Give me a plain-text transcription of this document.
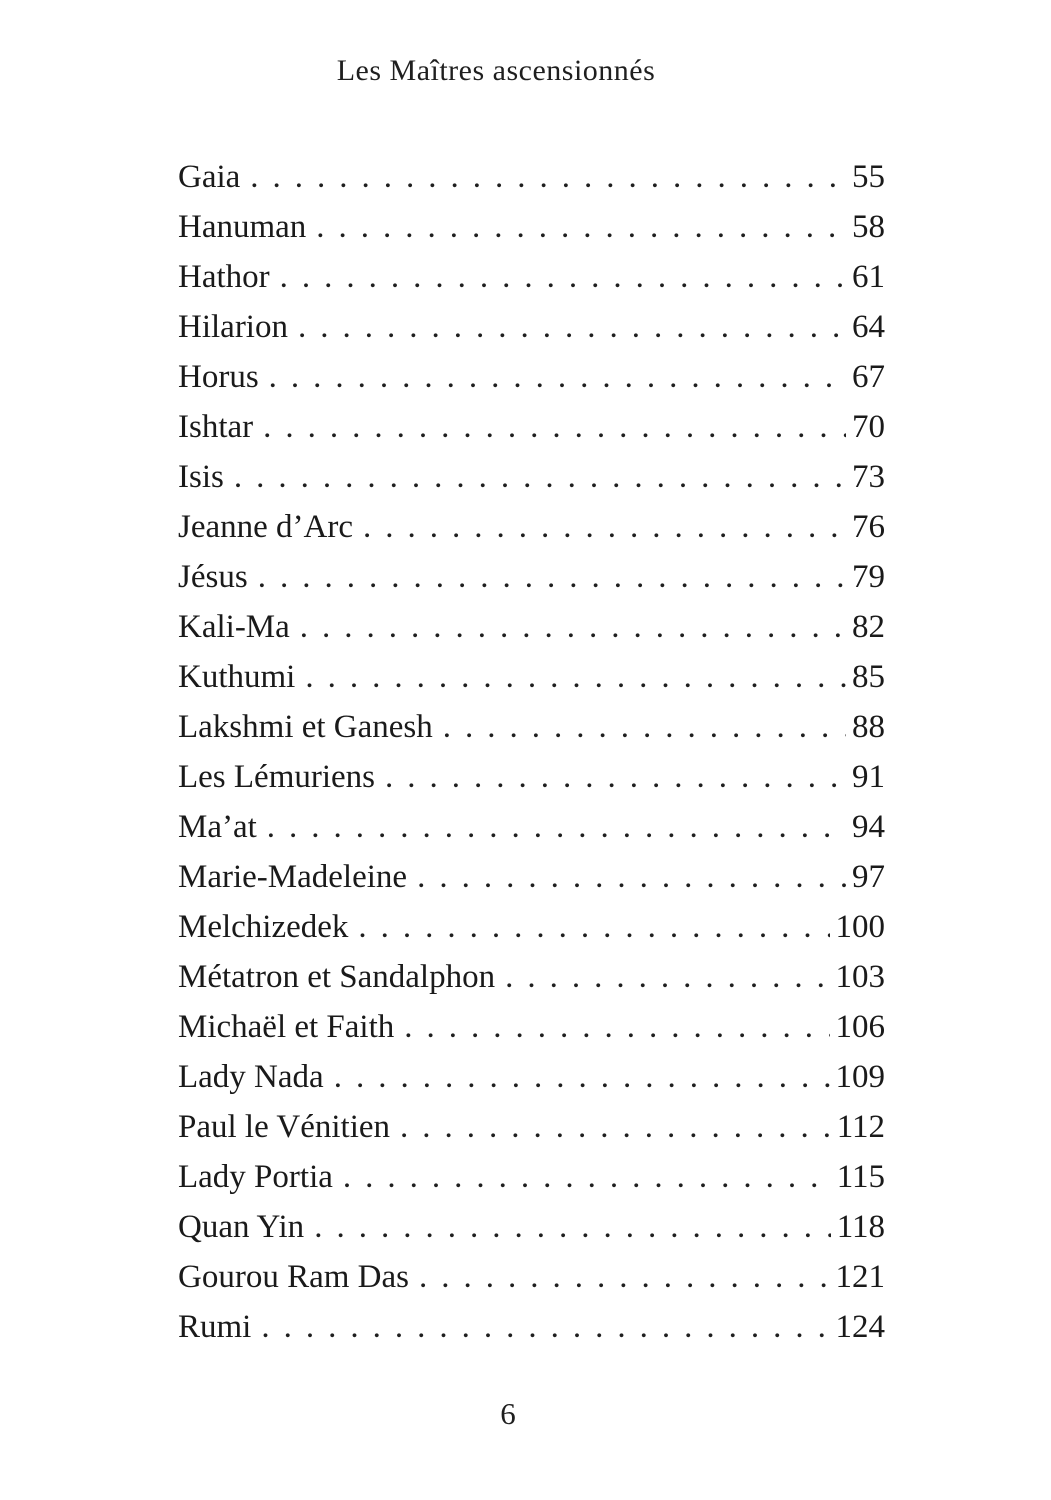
Les Maîtres ascensionnés
Gaia .....	55
Hanuman .....	58
Hathor .....	61
Hilarion .....	64
Horus .....	67
Ishtar .....	70
Isis .....	73
Jeanne d’Arc .....	76
Jésus .....	79
Kali-Ma .....	82
Kuthumi .....	85
Lakshmi et Ganesh .....	88
Les Lémuriens .....	91
Ma’at .....	94
Marie-Madeleine .....	97
Melchizedek .....	100
Métatron et Sandalphon .....	103
Michaël et Faith .....	106
Lady Nada .....	109
Paul le Vénitien .....	112
Lady Portia .....	115
Quan Yin .....	118
Gourou Ram Das .....	121
Rumi .....	124
6
